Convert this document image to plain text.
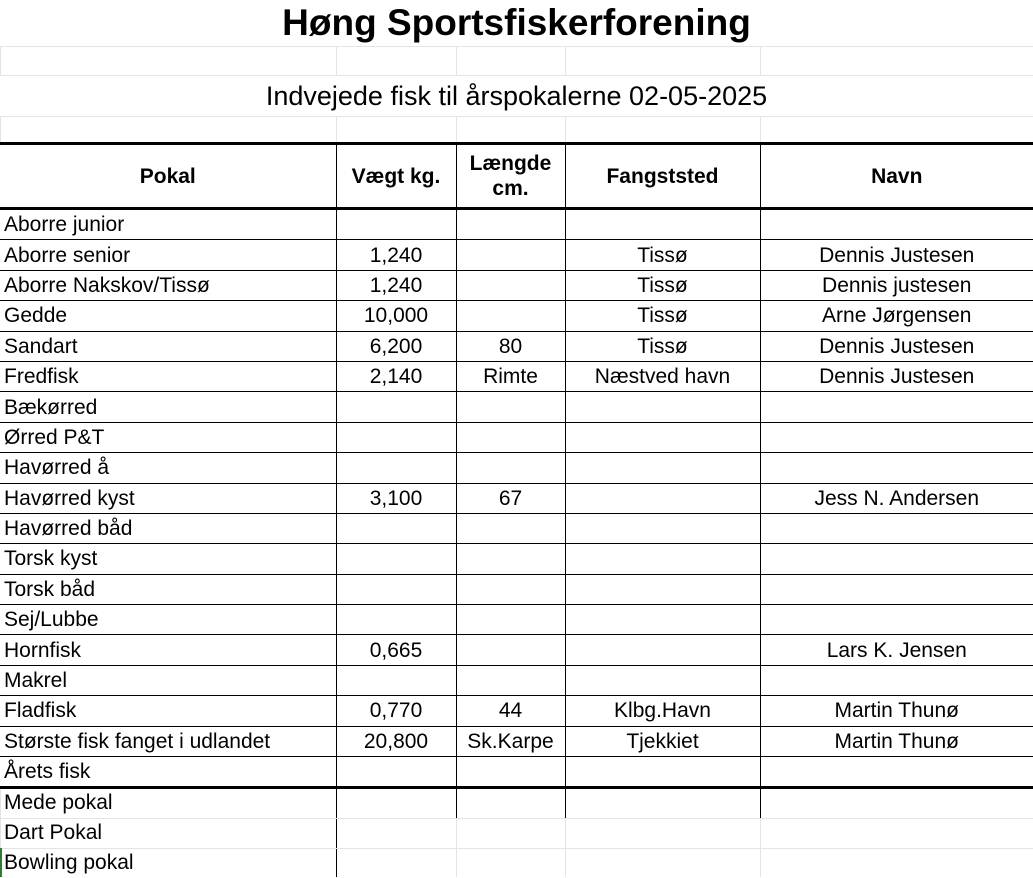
Høng Sportsfiskerforening
Indvejede fisk til årspokalerne 02-05-2025
Pokal	Vægt kg.	Længde cm.	Fangststed	Navn
Aborre junior				
Aborre senior	1,240		Tissø	Dennis Justesen
Aborre Nakskov/Tissø	1,240		Tissø	Dennis justesen
Gedde	10,000		Tissø	Arne Jørgensen
Sandart	6,200	80	Tissø	Dennis Justesen
Fredfisk	2,140	Rimte	Næstved havn	Dennis Justesen
Bækørred				
Ørred P&T				
Havørred å				
Havørred kyst	3,100	67		Jess N. Andersen
Havørred båd				
Torsk kyst				
Torsk båd				
Sej/Lubbe				
Hornfisk	0,665			Lars K. Jensen
Makrel				
Fladfisk	0,770	44	Klbg.Havn	Martin Thunø
Største fisk fanget i udlandet	20,800	Sk.Karpe	Tjekkiet	Martin Thunø
Årets fisk				
Mede pokal
Dart Pokal
Bowling pokal
